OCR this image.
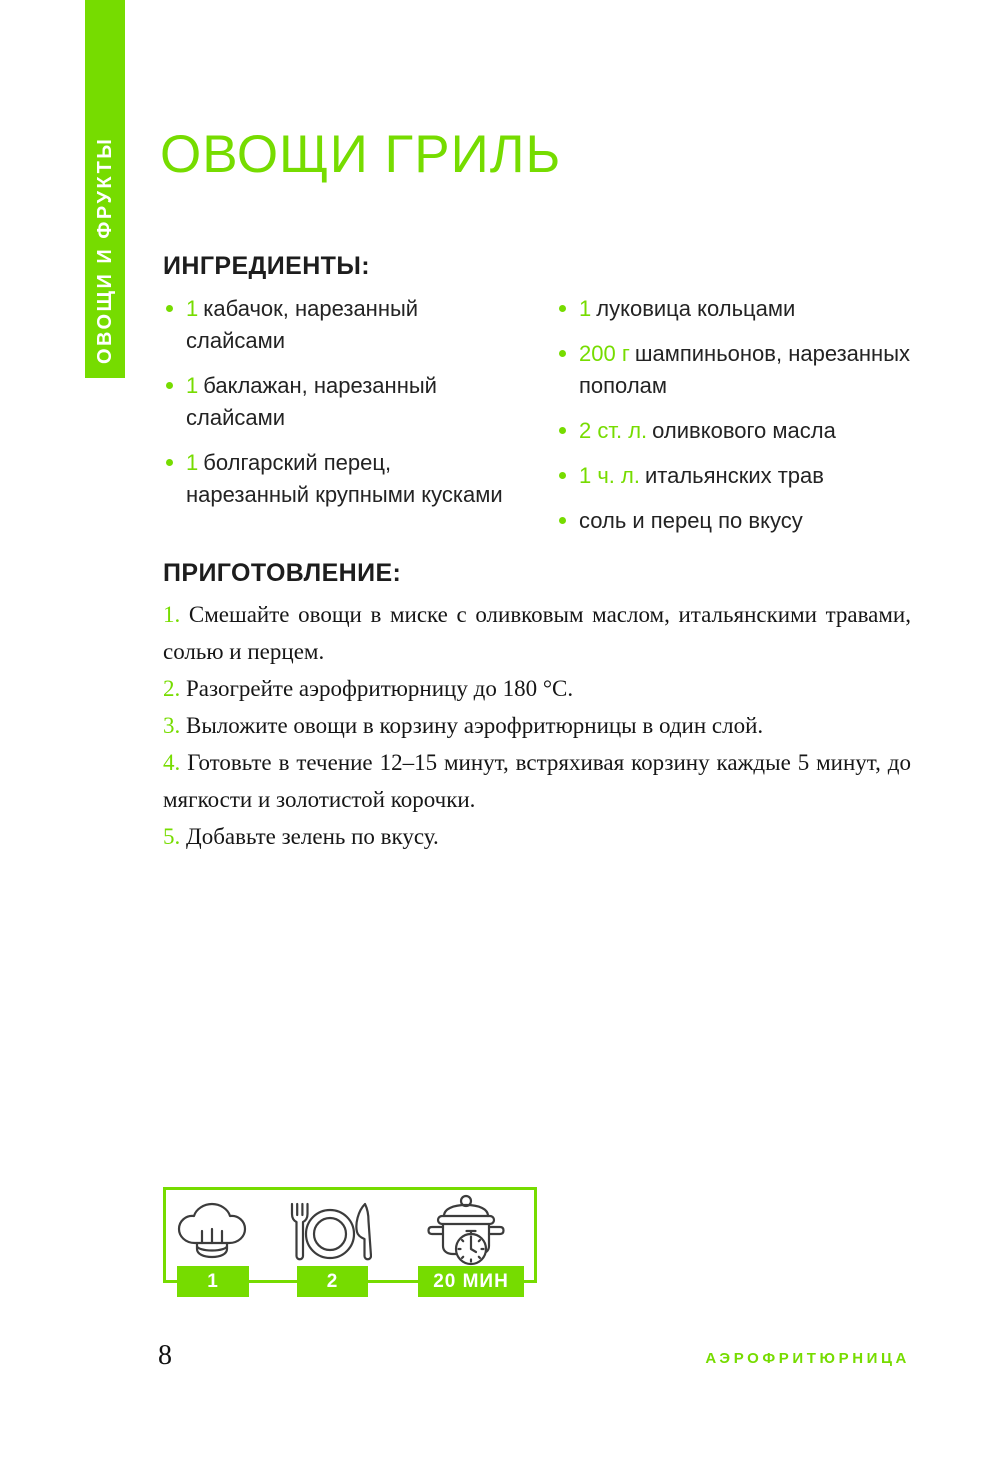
ОВОЩИ И ФРУКТЫ ОВОЩИ ГРИЛЬ
ИНГРЕДИЕНТЫ:
1 кабачок, нарезанный слайсами
1 баклажан, нарезанный слайсами
1 болгарский перец, нарезанный крупными кусками
1 луковица кольцами
200 г шампиньонов, нарезанных пополам
2 ст. л. оливкового масла
1 ч. л. итальянских трав
соль и перец по вкусу
ПРИГОТОВЛЕНИЕ:

1. Смешайте овощи в миске с оливковым маслом, итальянскими травами, солью и перцем.

2. Разогрейте аэрофритюрницу до 180 °C.

3. Выложите овощи в корзину аэрофритюрницы в один слой.

4. Готовьте в течение 12–15 минут, встряхивая корзину каждые 5 минут, до мягкости и золотистой корочки.

5. Добавьте зелень по вкусу.

1	2	20 МИН
8	АЭРОФРИТЮРНИЦА
